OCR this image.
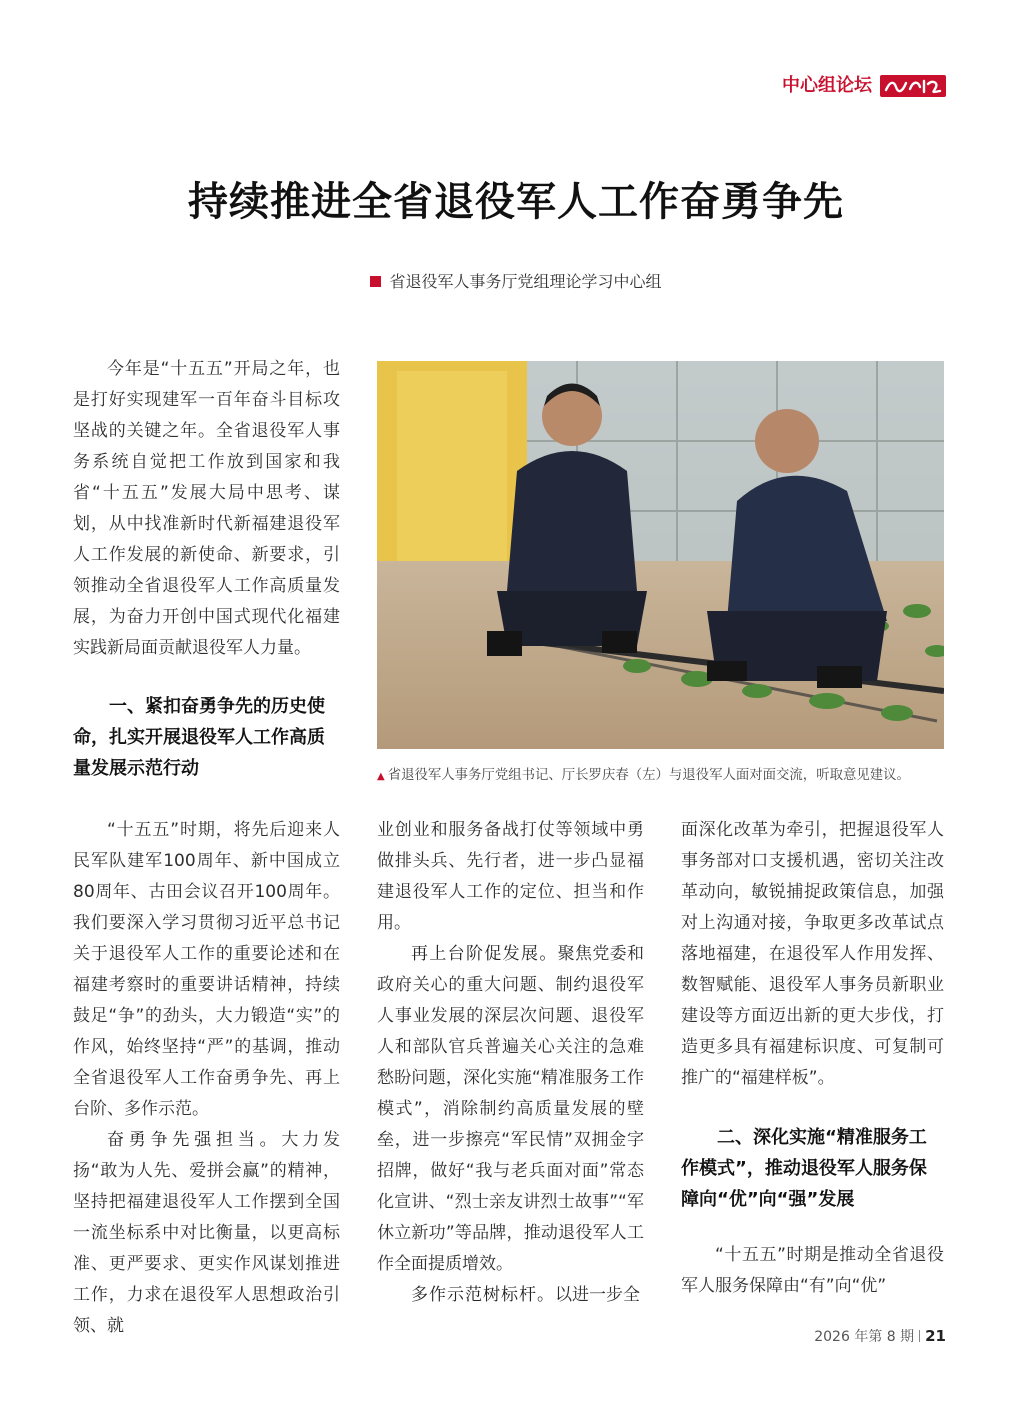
中心组论坛
持续推进全省退役军人工作奋勇争先
省退役军人事务厅党组理论学习中心组

今年是“十五五”开局之年，也是打好实现建军一百年奋斗目标攻坚战的关键之年。全省退役军人事务系统自觉把工作放到国家和我省“十五五”发展大局中思考、谋划，从中找准新时代新福建退役军人工作发展的新使命、新要求，引领推动全省退役军人工作高质量发展，为奋力开创中国式现代化福建实践新局面贡献退役军人力量。

一、紧扣奋勇争先的历史使命，扎实开展退役军人工作高质量发展示范行动

“十五五”时期，将先后迎来人民军队建军100周年、新中国成立80周年、古田会议召开100周年。我们要深入学习贯彻习近平总书记关于退役军人工作的重要论述和在福建考察时的重要讲话精神，持续鼓足“争”的劲头，大力锻造“实”的作风，始终坚持“严”的基调，推动全省退役军人工作奋勇争先、再上台阶、多作示范。

奋勇争先强担当。大力发扬“敢为人先、爱拼会赢”的精神，坚持把福建退役军人工作摆到全国一流坐标系中对比衡量，以更高标准、更严要求、更实作风谋划推进工作，力求在退役军人思想政治引领、就

▲ 省退役军人事务厅党组书记、厅长罗庆春（左）与退役军人面对面交流，听取意见建议。

业创业和服务备战打仗等领域中勇做排头兵、先行者，进一步凸显福建退役军人工作的定位、担当和作用。

再上台阶促发展。聚焦党委和政府关心的重大问题、制约退役军人事业发展的深层次问题、退役军人和部队官兵普遍关心关注的急难愁盼问题，深化实施“精准服务工作模式”，消除制约高质量发展的壁垒，进一步擦亮“军民情”双拥金字招牌，做好“我与老兵面对面”常态化宣讲、“烈士亲友讲烈士故事”“军休立新功”等品牌，推动退役军人工作全面提质增效。

多作示范树标杆。以进一步全

面深化改革为牵引，把握退役军人事务部对口支援机遇，密切关注改革动向，敏锐捕捉政策信息，加强对上沟通对接，争取更多改革试点落地福建，在退役军人作用发挥、数智赋能、退役军人事务员新职业建设等方面迈出新的更大步伐，打造更多具有福建标识度、可复制可推广的“福建样板”。

二、深化实施“精准服务工作模式”，推动退役军人服务保障向“优”向“强”发展

“十五五”时期是推动全省退役军人服务保障由“有”向“优”

2026 年第 8 期 21
